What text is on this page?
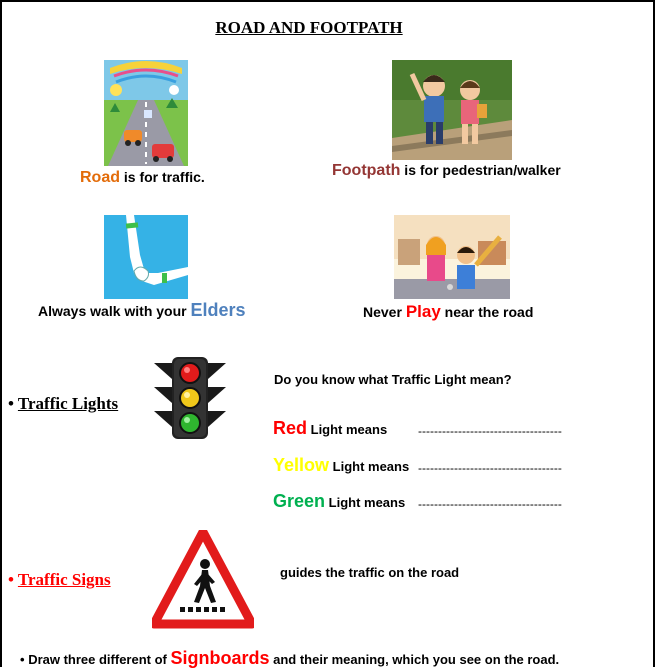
ROAD AND FOOTPATH
Road is for traffic.	Footpath is for pedestrian/walker
Always walk with your Elders	Never Play near the road
• Traffic Lights
Do you know what Traffic Light mean?
Red Light means	------------------------------------
Yellow Light means ------------------------------------
Green Light means ------------------------------------
• Traffic Signs	guides the traffic on the road
• Draw three different of Signboards and their meaning, which you see on the road.
